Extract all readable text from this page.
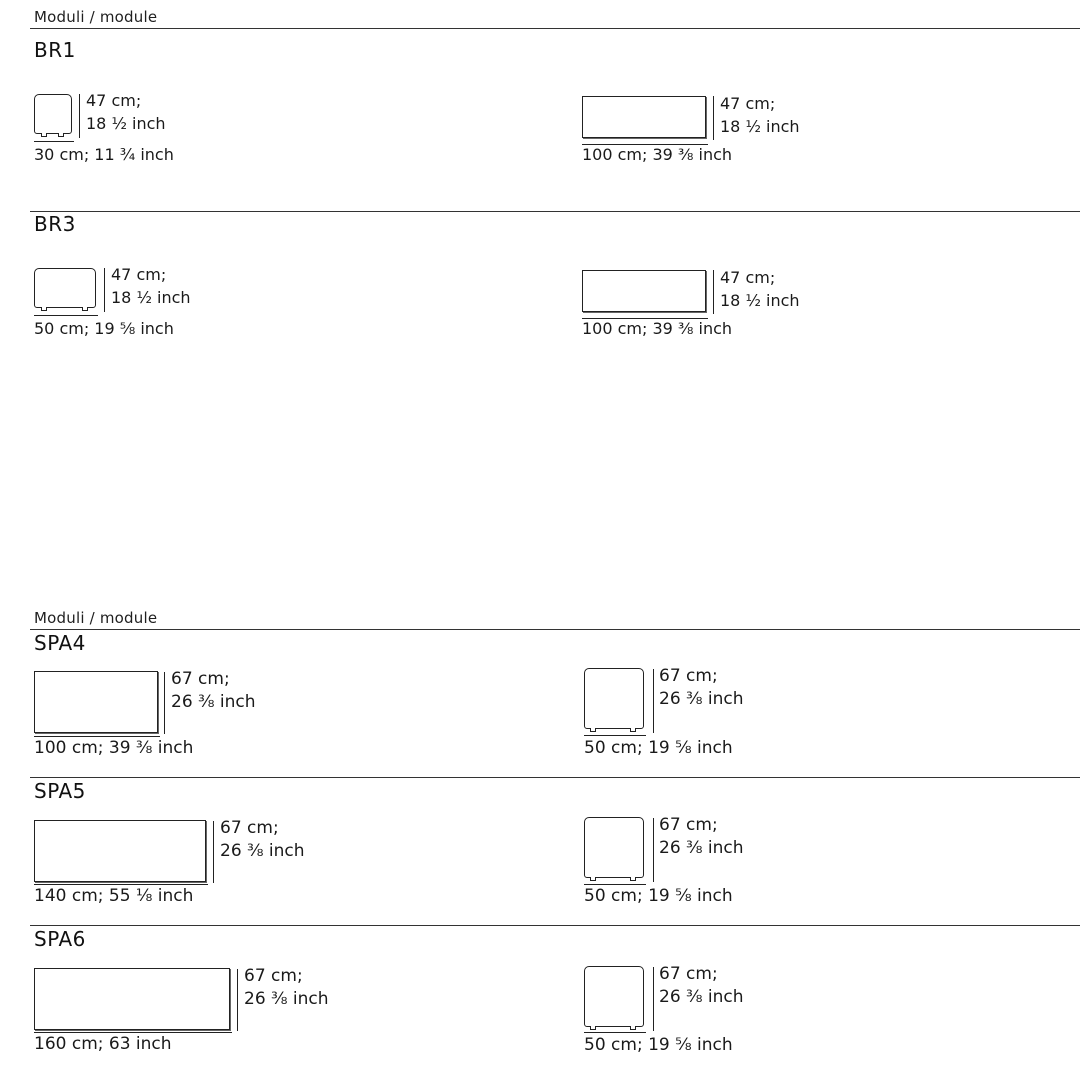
Moduli / module
BR1
47 cm;
18 ½ inch
30 cm; 11 ¾ inch
47 cm;
18 ½ inch
100 cm; 39 ⅜ inch
BR3
47 cm;
18 ½ inch
50 cm; 19 ⅝ inch
47 cm;
18 ½ inch
100 cm; 39 ⅜ inch
Moduli / module
SPA4
67 cm;
26 ⅜ inch
100 cm; 39 ⅜ inch
67 cm;
26 ⅜ inch
50 cm; 19 ⅝ inch
SPA5
67 cm;
26 ⅜ inch
140 cm; 55 ⅛ inch
67 cm;
26 ⅜ inch
50 cm; 19 ⅝ inch
SPA6
67 cm;
26 ⅜ inch
160 cm; 63 inch
67 cm;
26 ⅜ inch
50 cm; 19 ⅝ inch
